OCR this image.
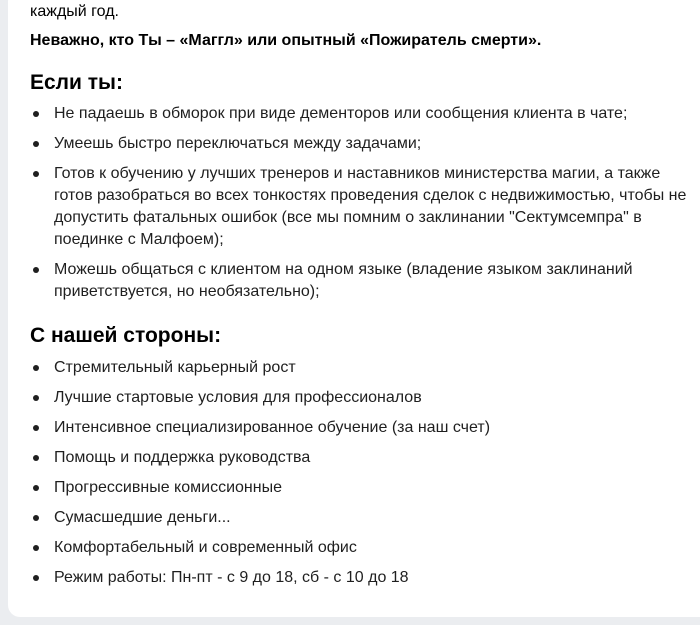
каждый год.

Неважно, кто Ты – «Маггл» или опытный «Пожиратель смерти».

Если ты:
Не падаешь в обморок при виде дементоров или сообщения клиента в чате;
Умеешь быстро переключаться между задачами;
Готов к обучению у лучших тренеров и наставников министерства магии, а также готов разобраться во всех тонкостях проведения сделок с недвижимостью, чтобы не допустить фатальных ошибок (все мы помним о заклинании "Сектумсемпра" в поединке с Малфоем);
Можешь общаться с клиентом на одном языке (владение языком заклинаний приветствуется, но необязательно);
С нашей стороны:
Стремительный карьерный рост
Лучшие стартовые условия для профессионалов
Интенсивное специализированное обучение (за наш счет)
Помощь и поддержка руководства
Прогрессивные комиссионные
Сумасшедшие деньги...
Комфортабельный и современный офис
Режим работы: Пн-пт - с 9 до 18, сб - с 10 до 18
